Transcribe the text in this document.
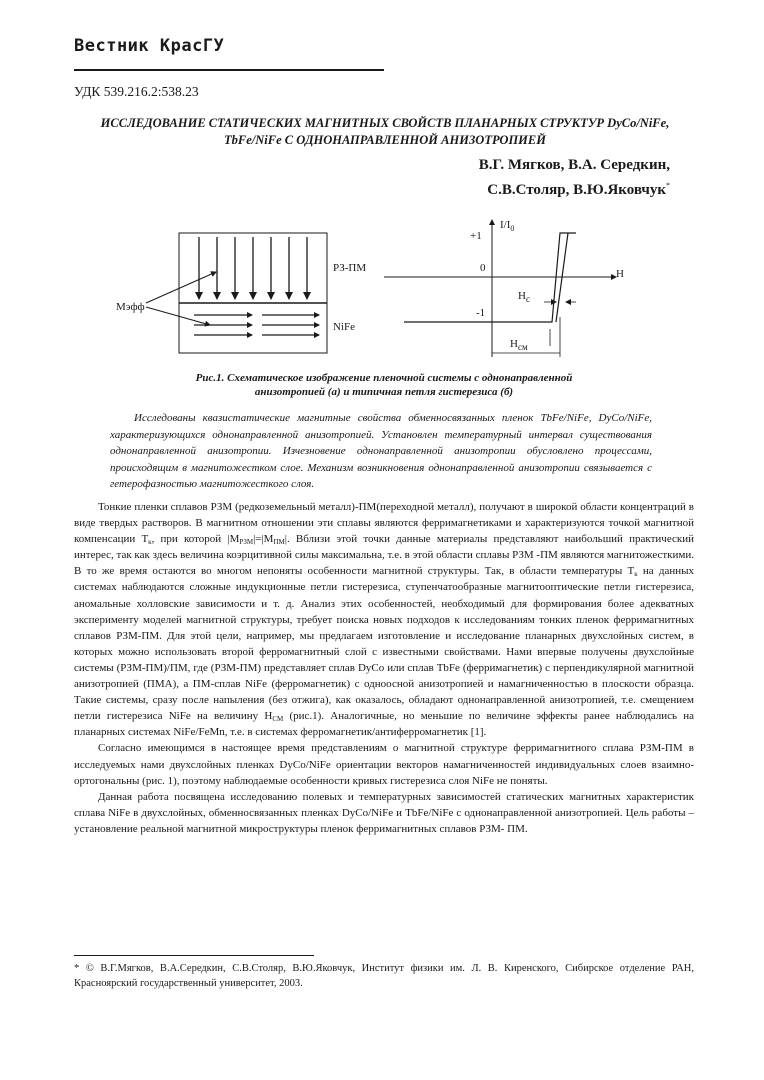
Вестник КрасГУ
УДК 539.216.2:538.23
ИССЛЕДОВАНИЕ СТАТИЧЕСКИХ МАГНИТНЫХ СВОЙСТВ ПЛАНАРНЫХ СТРУКТУР DyCo/NiFe, TbFe/NiFe С ОДНОНАПРАВЛЕННОЙ АНИЗОТРОПИЕЙ
В.Г. Мягков, В.А. Середкин,
С.В.Столяр, В.Ю.Яковчук*
РЗ-ПМ
NiFe
Мэфф
$I/I_0$
+1
0
-1
H
$H_c$
$H_{см}$
Рис.1. Схематическое изображение пленочной системы с однонаправленной
анизотропией (а) и типичная петля гистерезиса (б)
Исследованы квазистатические магнитные свойства обменносвязанных пленок TbFe/NiFe, DyCo/NiFe, характеризующихся однонаправленной анизотропией. Установлен температурный интервал существования однонаправленной анизотропии. Изчезновение однонаправленной анизотропии обусловлено процессами, происходящим в магнитожестком слое. Механизм возникновения однонаправленной анизотропии связывается с гетерофазностью магнитожесткого слоя.

Тонкие пленки сплавов РЗМ (редкоземельный металл)-ПМ(переходной металл), получают в широкой области концентраций в виде твердых растворов. В магнитном отношении эти сплавы являются ферримагнетиками и характеризуются точкой магнитной компенсации $T_к$, при которой $|M_{РЗМ}|=|M_{ПМ}|$. Вблизи этой точки данные материалы представляют наибольший практический интерес, так как здесь величина коэрцитивной силы максимальна, т.е. в этой области сплавы РЗМ -ПМ являются магнитожесткими. В то же время остаются во многом непоняты особенности магнитной структуры. Так, в области температуры $T_к$ на данных системах наблюдаются сложные индукционные петли гистерезиса, ступенчатообразные магнитооптические петли гистерезиса, аномальные холловские зависимости и т. д. Анализ этих особенностей, необходимый для формирования более адекватных эксперименту моделей магнитной структуры, требует поиска новых подходов к исследованиям тонких пленок ферримагнитных сплавов РЗМ-ПМ. Для этой цели, например, мы предлагаем изготовление и исследование планарных двухслойных систем, в которых можно использовать второй ферромагнитный слой с известными свойствами. Нами впервые получены двухслойные системы (РЗМ-ПМ)/ПМ, где (РЗМ-ПМ) представляет сплав DyCo или сплав TbFe (ферримагнетик) с перпендикулярной магнитной анизотропией (ПМА), а ПМ-сплав NiFe (ферромагнетик) с одноосной анизотропией и намагниченностью в плоскости образца. Такие системы, сразу после напыления (без отжига), как оказалось, обладают однонаправленной анизотропией, т.е. смещением петли гистерезиса NiFe на величину $H_{СМ}$ (рис.1). Аналогичные, но меньшие по величине эффекты ранее наблюдались на планарных системах NiFe/FeMn, т.е. в системах ферромагнетик/антиферромагнетик [1].

Согласно имеющимся в настоящее время представлениям о магнитной структуре ферримагнитного сплава РЗМ-ПМ в исследуемых нами двухслойных пленках DyCo/NiFe ориентации векторов намагниченностей индивидуальных слоев взаимно-ортогональны (рис. 1), поэтому наблюдаемые особенности кривых гистерезиса слоя NiFe не поняты.

Данная работа посвящена исследованию полевых и температурных зависимостей статических магнитных характеристик сплава NiFe в двухслойных, обменносвязанных пленках DyCo/NiFe и TbFe/NiFe с однонаправленной анизотропией. Цель работы – установление реальной магнитной микроструктуры пленок ферримагнитных сплавов РЗМ- ПМ.

* © В.Г.Мягков, В.А.Середкин, С.В.Столяр, В.Ю.Яковчук, Институт физики им. Л. В. Киренского, Сибирское отделение РАН, Красноярский государственный университет, 2003.
